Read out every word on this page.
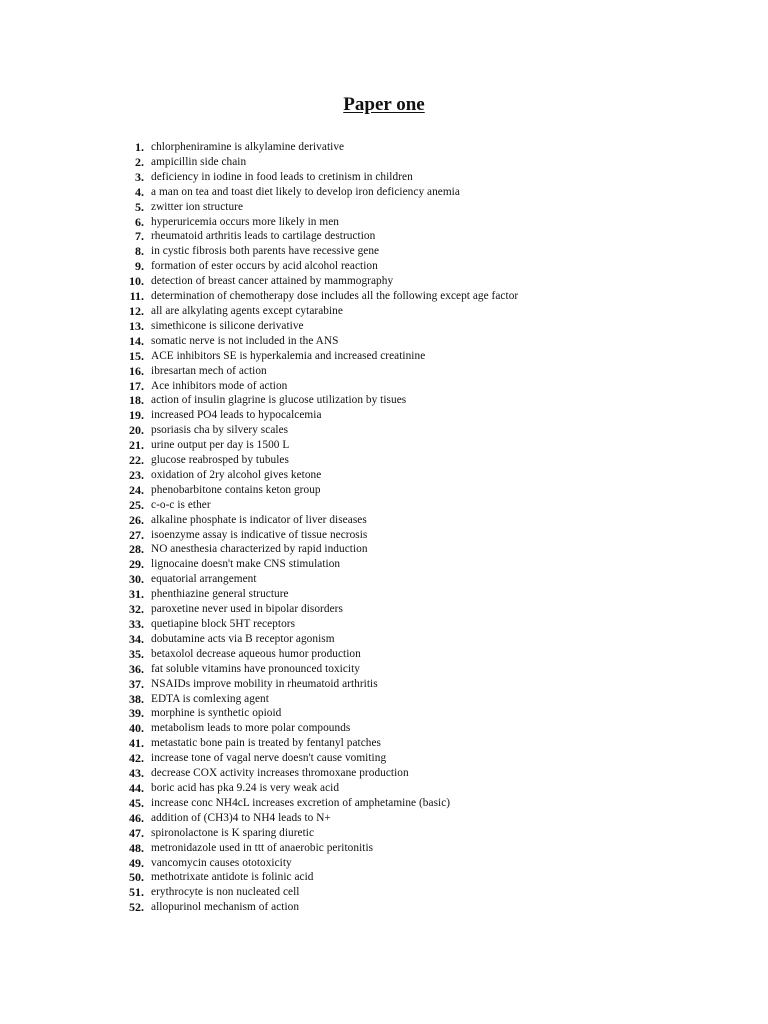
Paper one
1. chlorpheniramine is alkylamine derivative
2. ampicillin side chain
3. deficiency in iodine in food leads to cretinism in children
4. a man on tea and toast diet likely to develop iron deficiency anemia
5. zwitter ion structure
6. hyperuricemia occurs more likely in men
7. rheumatoid arthritis leads to cartilage destruction
8. in cystic fibrosis both parents have recessive gene
9. formation of ester occurs by acid alcohol reaction
10. detection of breast cancer attained by mammography
11. determination of chemotherapy dose includes all the following except age factor
12. all are alkylating agents except cytarabine
13. simethicone is silicone derivative
14. somatic nerve is not included in the ANS
15. ACE inhibitors SE is hyperkalemia and increased creatinine
16. ibresartan mech of action
17. Ace inhibitors mode of action
18. action of insulin glagrine is glucose utilization by tisues
19. increased PO4 leads to hypocalcemia
20. psoriasis cha by silvery scales
21. urine output per day is 1500 L
22. glucose reabrosped by tubules
23. oxidation of 2ry alcohol gives ketone
24. phenobarbitone contains keton group
25. c-o-c is ether
26. alkaline phosphate is indicator of liver diseases
27. isoenzyme assay is indicative of tissue necrosis
28. NO anesthesia characterized by rapid induction
29. lignocaine doesn't make CNS stimulation
30. equatorial arrangement
31. phenthiazine general structure
32. paroxetine never used in bipolar disorders
33. quetiapine block 5HT receptors
34. dobutamine acts via B receptor agonism
35. betaxolol decrease aqueous humor production
36. fat soluble vitamins have pronounced toxicity
37. NSAIDs improve mobility in rheumatoid arthritis
38. EDTA is comlexing agent
39. morphine is synthetic opioid
40. metabolism leads to more polar compounds
41. metastatic bone pain is treated by fentanyl patches
42. increase tone of vagal nerve doesn't cause vomiting
43. decrease COX activity increases thromoxane production
44. boric acid has pka 9.24 is very weak acid
45. increase conc NH4cL increases excretion of amphetamine (basic)
46. addition of (CH3)4 to NH4 leads to N+
47. spironolactone is K sparing diuretic
48. metronidazole used in ttt of anaerobic peritonitis
49. vancomycin causes ototoxicity
50. methotrixate antidote is folinic acid
51. erythrocyte is non nucleated cell
52. allopurinol mechanism of action
